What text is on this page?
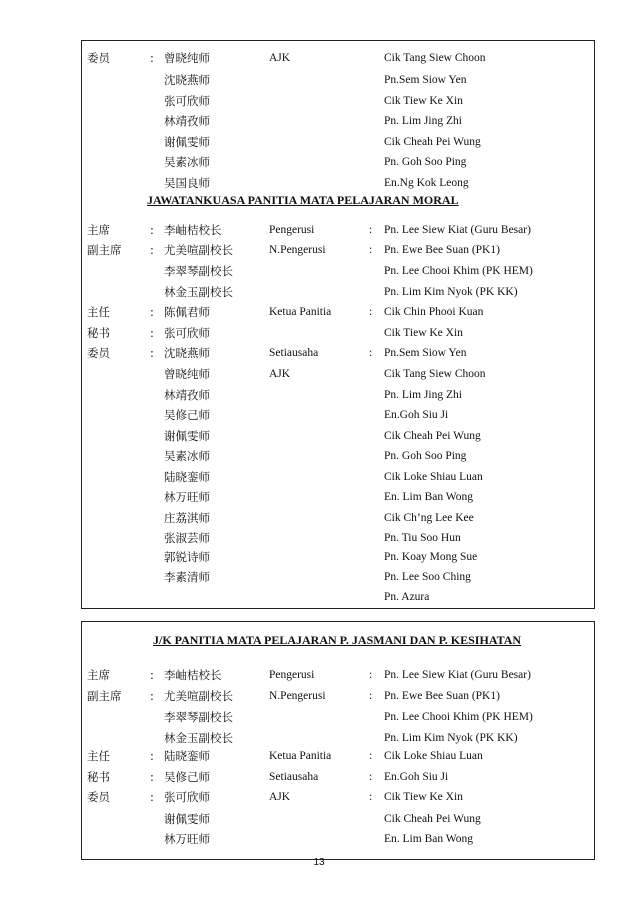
委员	: 曾晓纯师	AJK	Cik Tang Siew Choon
沈晓燕师	Pn.Sem Siow Yen
张可欣师	Cik Tiew Ke Xin
林靖孜师	Pn. Lim Jing Zhi
谢佩雯师	Cik Cheah Pei Wung
吴素冰师	Pn. Goh Soo Ping
吴国良师	En.Ng Kok Leong
JAWATANKUASA PANITIA MATA PELAJARAN MORAL
主席	: 李岫桔校长	Pengerusi	: Pn. Lee Siew Kiat (Guru Besar)
副主席 : 尤美喧副校长	N.Pengerusi	: Pn. Ewe Bee Suan (PK1)
李翠琴副校长	Pn. Lee Chooi Khim (PK HEM)
林金玉副校长	Pn. Lim Kim Nyok (PK KK)
主任	: 陈佩君师	Ketua Panitia	: Cik Chin Phooi Kuan
秘书	: 张可欣师	Cik Tiew Ke Xin
委员	: 沈晓燕师	Setiausaha	: Pn.Sem Siow Yen
曾晓纯师	AJK	Cik Tang Siew Choon
林靖孜师	Pn. Lim Jing Zhi
吴修己师	En.Goh Siu Ji
谢佩雯师	Cik Cheah Pei Wung
吴素冰师	Pn. Goh Soo Ping
陆晓銮师	Cik Loke Shiau Luan
林万旺师	En. Lim Ban Wong
庄荔淇师	Cik Ch’ng Lee Kee
张淑芸师	Pn. Tiu Soo Hun
郭锐诗师	Pn. Koay Mong Sue
李素清师	Pn. Lee Soo Ching
Pn. Azura
J/K PANITIA MATA PELAJARAN P. JASMANI DAN P. KESIHATAN
主席	: 李岫桔校长	Pengerusi	: Pn. Lee Siew Kiat (Guru Besar)
副主席 : 尤美喧副校长	N.Pengerusi	: Pn. Ewe Bee Suan (PK1)
李翠琴副校长	Pn. Lee Chooi Khim (PK HEM)
林金玉副校长	Pn. Lim Kim Nyok (PK KK)
主任	: 陆晓銮师	Ketua Panitia	: Cik Loke Shiau Luan
秘书	: 吴修己师	Setiausaha	: En.Goh Siu Ji
委员	: 张可欣师	AJK	: Cik Tiew Ke Xin
谢佩雯师	Cik Cheah Pei Wung
林万旺师	En. Lim Ban Wong
13
